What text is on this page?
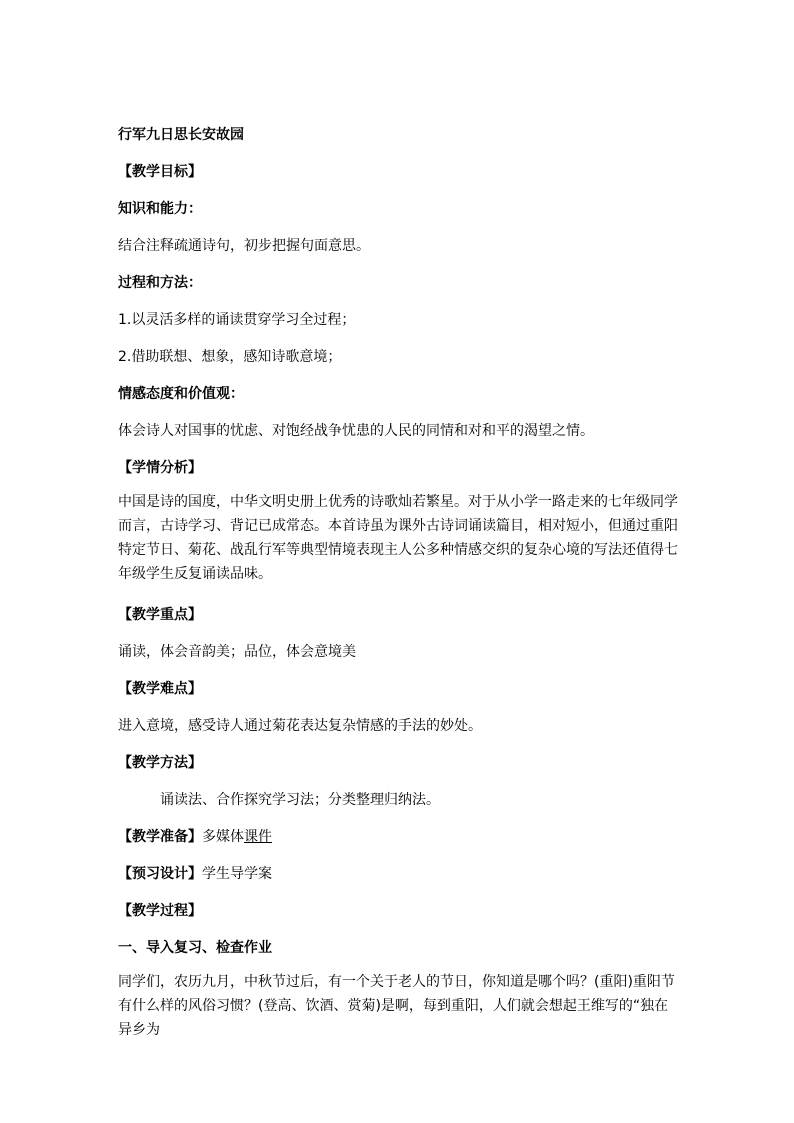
行军九日思长安故园
【教学目标】
知识和能力：
结合注释疏通诗句，初步把握句面意思。
过程和方法：
1.以灵活多样的诵读贯穿学习全过程；
2.借助联想、想象，感知诗歌意境；
情感态度和价值观：
体会诗人对国事的忧虑、对饱经战争忧患的人民的同情和对和平的渴望之情。
【学情分析】
中国是诗的国度，中华文明史册上优秀的诗歌灿若繁星。对于从小学一路走来的七年级同学而言，古诗学习、背记已成常态。本首诗虽为课外古诗词诵读篇目，相对短小，但通过重阳特定节日、菊花、战乱行军等典型情境表现主人公多种情感交织的复杂心境的写法还值得七年级学生反复诵读品味。
【教学重点】
诵读，体会音韵美；品位，体会意境美
【教学难点】
进入意境，感受诗人通过菊花表达复杂情感的手法的妙处。
【教学方法】
诵读法、合作探究学习法；分类整理归纳法。
【教学准备】多媒体课件
【预习设计】学生导学案
【教学过程】
一、导入复习、检查作业
同学们，农历九月，中秋节过后，有一个关于老人的节日，你知道是哪个吗？(重阳)重阳节有什么样的风俗习惯？(登高、饮酒、赏菊)是啊，每到重阳，人们就会想起王维写的“独在异乡为
